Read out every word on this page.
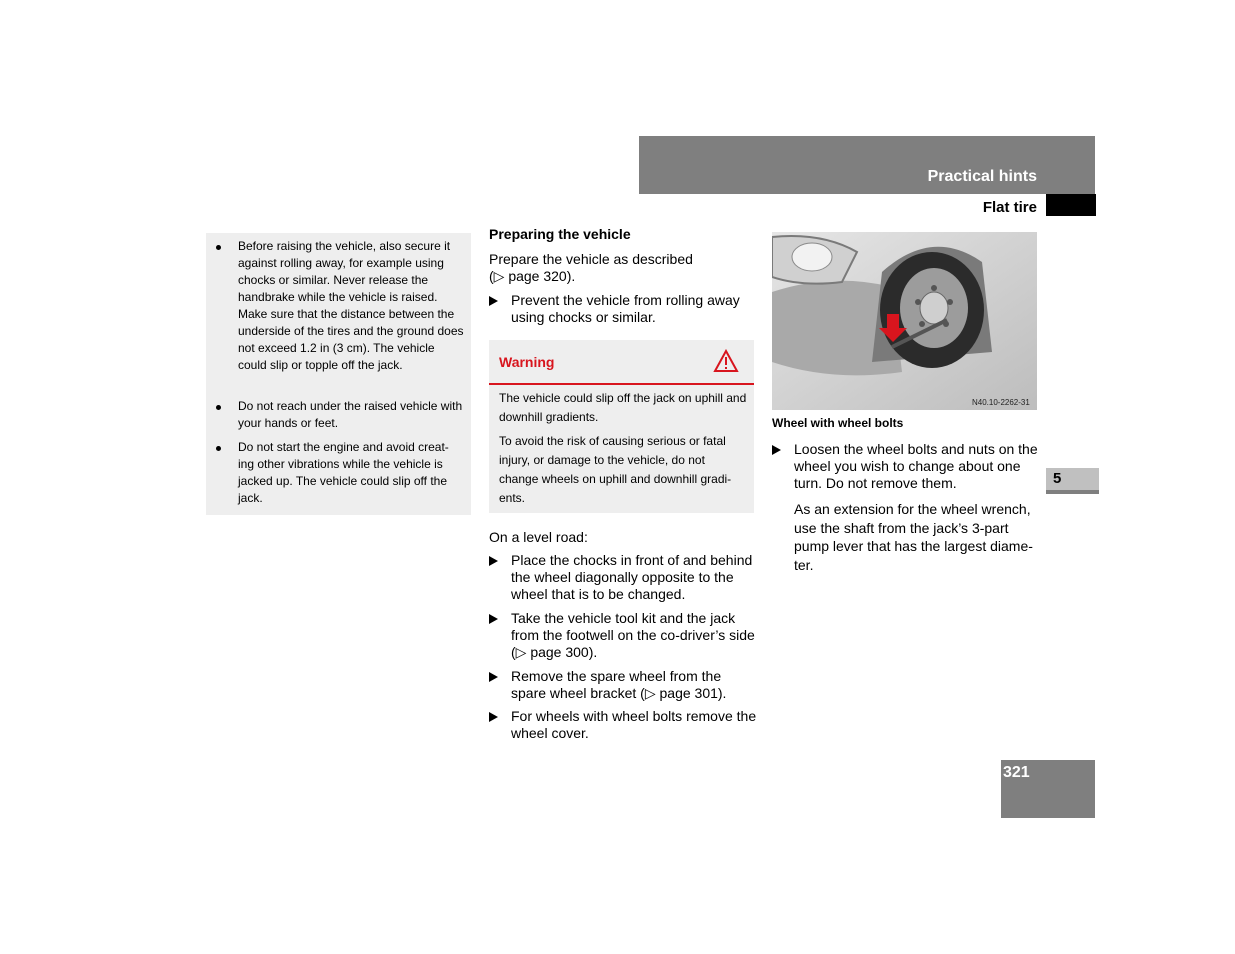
Practical hints
Flat tire
5
321
Before raising the vehicle, also secure it against rolling away, for example using chocks or similar. Never release the handbrake while the vehicle is raised. Make sure that the distance between the underside of the tires and the ground does not exceed 1.2 in (3 cm). The vehicle could slip or topple off the jack.
Do not reach under the raised vehicle with your hands or feet.
Do not start the engine and avoid creat-ing other vibrations while the vehicle is jacked up. The vehicle could slip off the jack.
Preparing the vehicle
Prepare the vehicle as described (▷ page 320).
Prevent the vehicle from rolling away using chocks or similar.
Warning
The vehicle could slip off the jack on uphill and downhill gradients.
To avoid the risk of causing serious or fatal injury, or damage to the vehicle, do not change wheels on uphill and downhill gradi-ents.
On a level road:
Place the chocks in front of and behind the wheel diagonally opposite to the wheel that is to be changed.
Take the vehicle tool kit and the jack from the footwell on the co-driver’s side (▷ page 300).
Remove the spare wheel from the spare wheel bracket (▷ page 301).
For wheels with wheel bolts remove the wheel cover.
N40.10-2262-31
Wheel with wheel bolts
Loosen the wheel bolts and nuts on the wheel you wish to change about one turn. Do not remove them.
As an extension for the wheel wrench, use the shaft from the jack’s 3-part pump lever that has the largest diame-ter.
